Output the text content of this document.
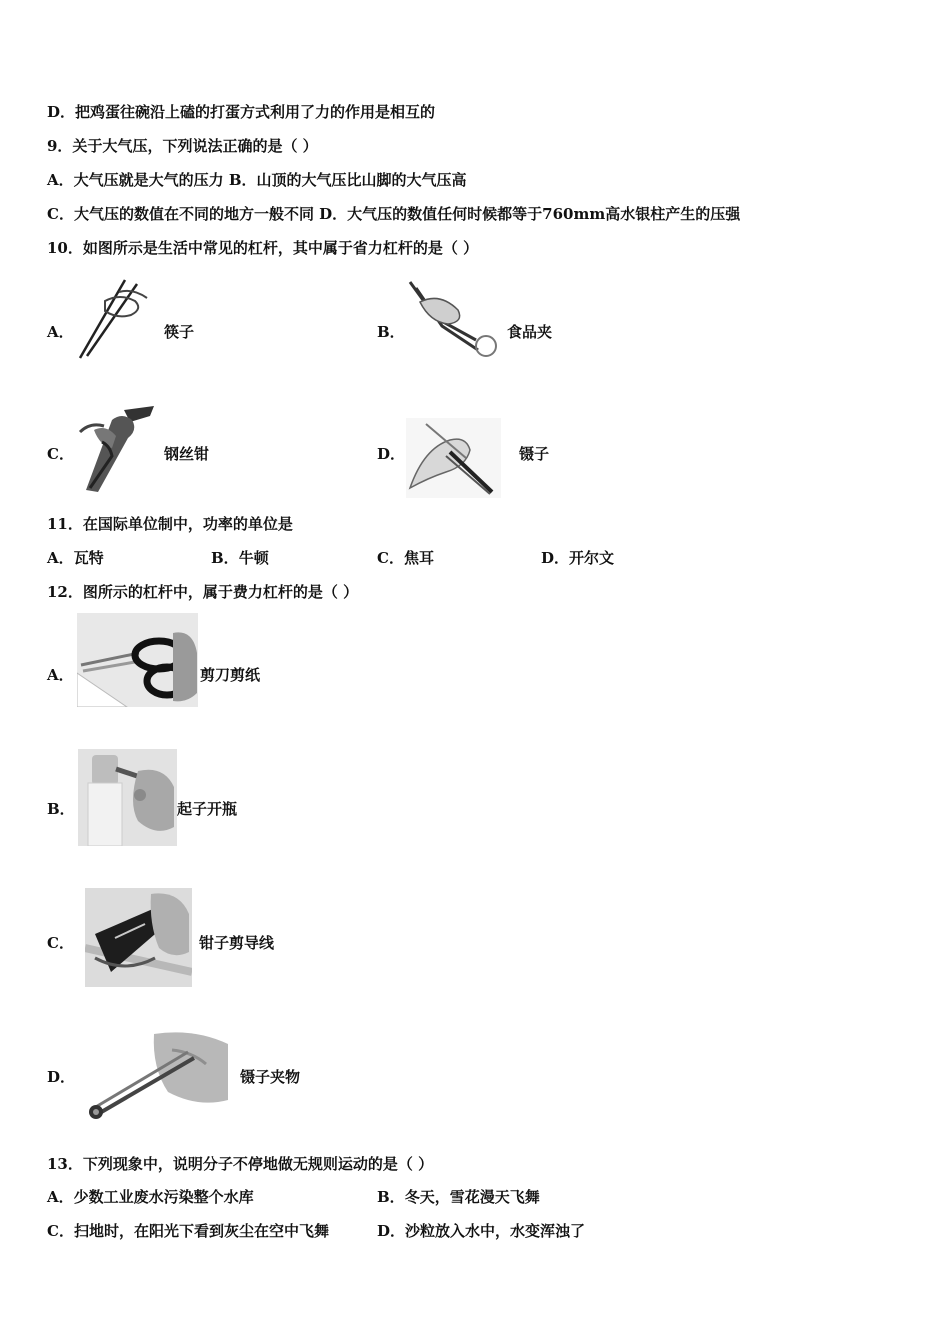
D．把鸡蛋往碗沿上磕的打蛋方式利用了力的作用是相互的
9．关于大气压，下列说法正确的是（ ）
A．大气压就是大气的压力 B．山顶的大气压比山脚的大气压高
C．大气压的数值在不同的地方一般不同 D．大气压的数值任何时候都等于760mm高水银柱产生的压强
10．如图所示是生活中常见的杠杆，其中属于省力杠杆的是（ ）
A．	筷子	B．	食品夹
C．	钢丝钳	D．	镊子
11．在国际单位制中，功率的单位是
A．瓦特	B．牛顿	C．焦耳	D．开尔文
12．图所示的杠杆中，属于费力杠杆的是（ ）
A．	剪刀剪纸
B．	起子开瓶
C．	钳子剪导线
D．	镊子夹物
13．下列现象中，说明分子不停地做无规则运动的是（ ）
A．少数工业废水污染整个水库	B．冬天，雪花漫天飞舞
C．扫地时，在阳光下看到灰尘在空中飞舞	D．沙粒放入水中，水变浑浊了
